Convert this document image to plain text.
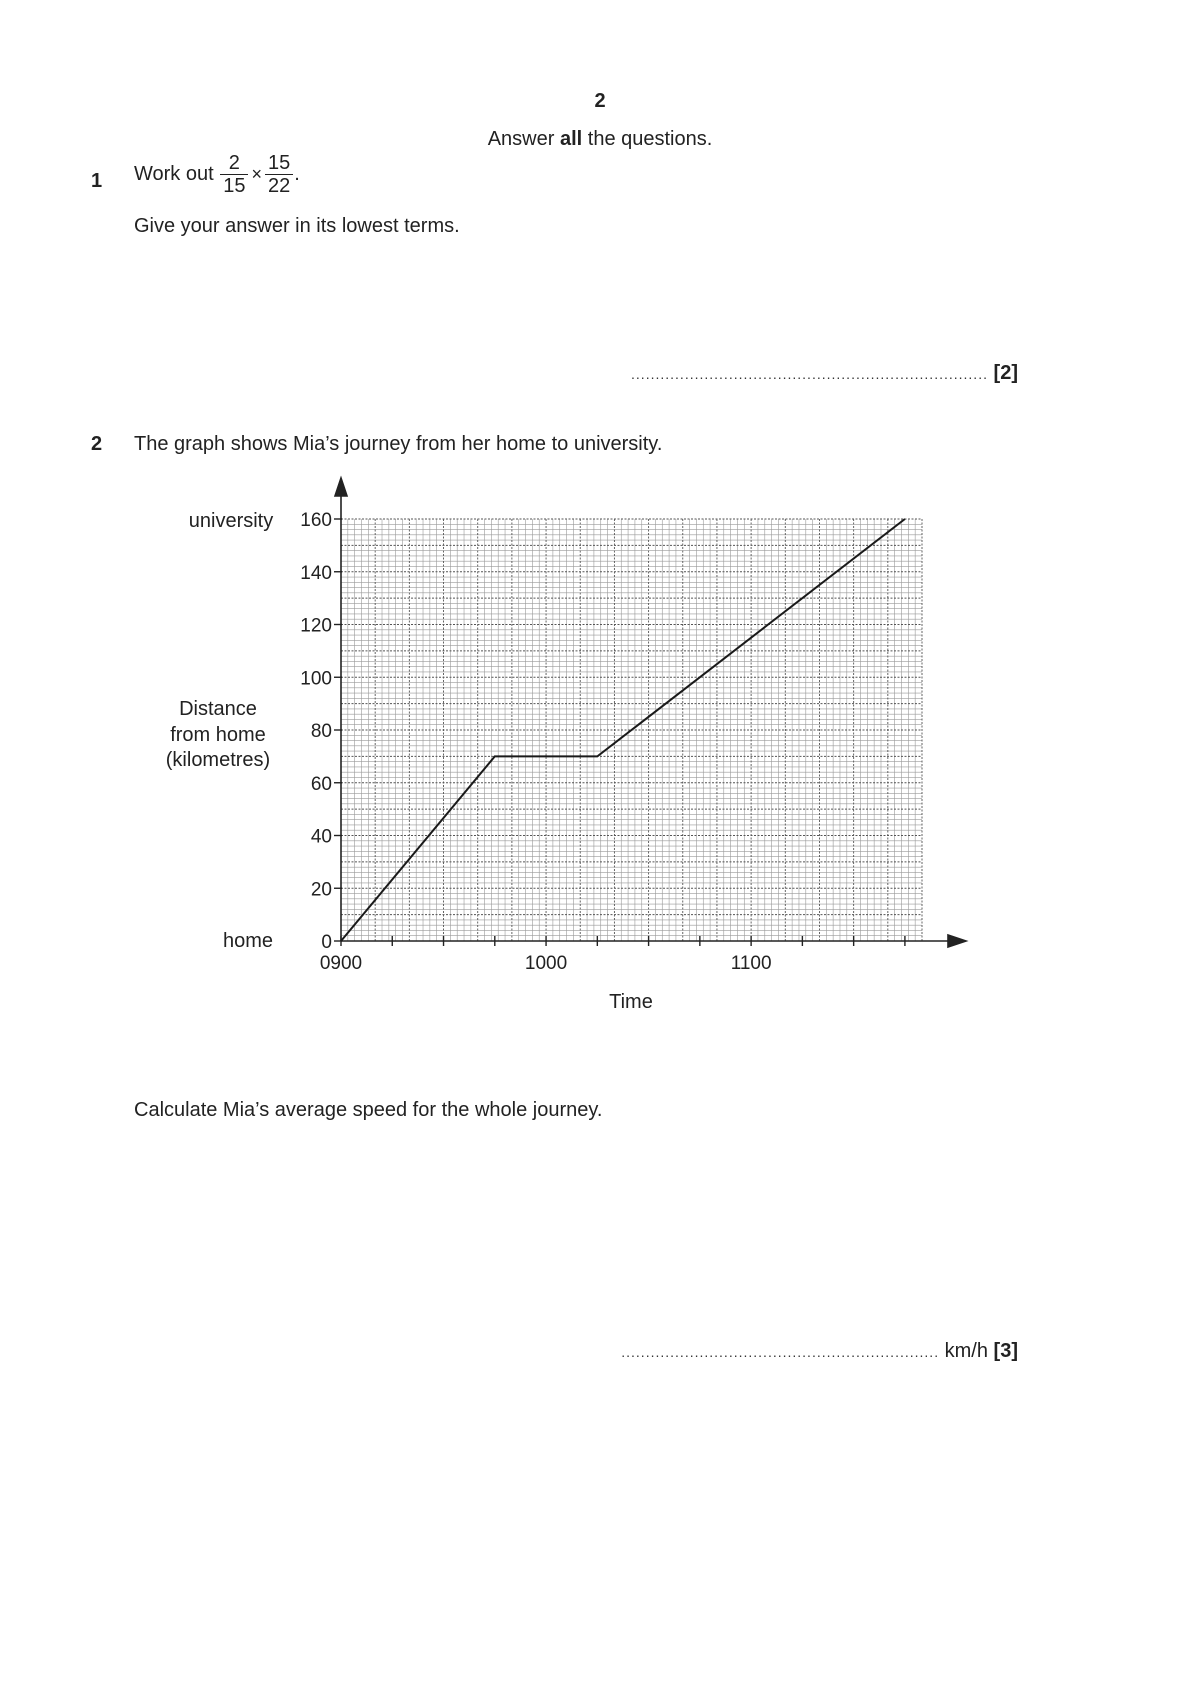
2
Answer all the questions.
1 Work out $\frac{2}{15} \times \frac{15}{22}$ .
Give your answer in its lowest terms.
......................................................................... [2]
2 The graph shows Mia’s journey from her home to university.
0
20
40
60
80
100
120
140
160
0900	1000	1100
university
home
Distance
from home
(kilometres)
Time
Calculate Mia’s average speed for the whole journey.
................................................................. km/h [3]
